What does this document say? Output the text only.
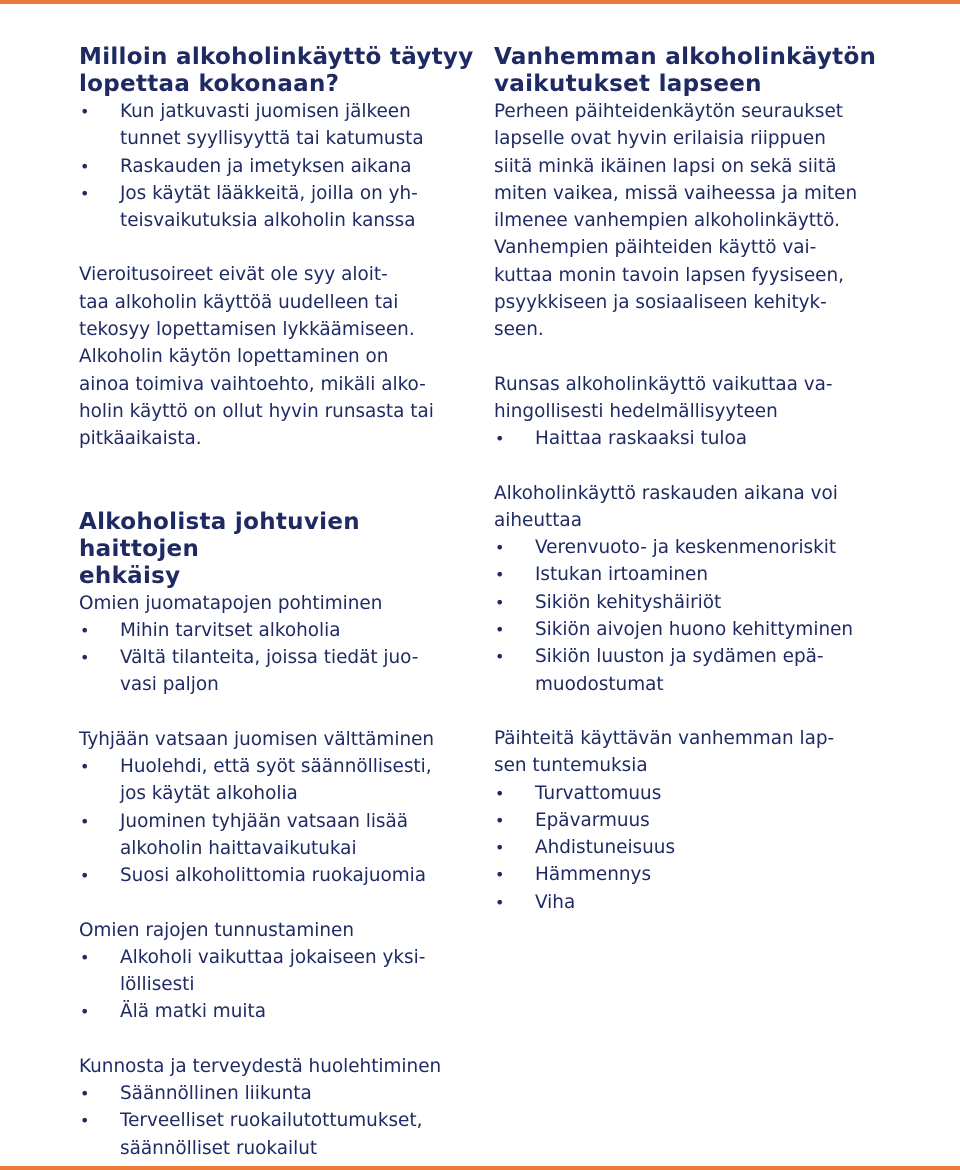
Milloin alkoholinkäyttö täytyy
lopettaa kokonaan?
• Kun jatkuvasti juomisen jälkeen
tunnet syyllisyyttä tai katumusta
• Raskauden ja imetyksen aikana
• Jos käytät lääkkeitä, joilla on yh-
teisvaikutuksia alkoholin kanssa

Vieroitusoireet eivät ole syy aloit-

taa alkoholin käyttöä uudelleen tai

tekosyy lopettamisen lykkäämiseen.

Alkoholin käytön lopettaminen on

ainoa toimiva vaihtoehto, mikäli alko-

holin käyttö on ollut hyvin runsasta tai

pitkäaikaista.

Alkoholista johtuvien haittojen
ehkäisy

Omien juomatapojen pohtiminen

• Mihin tarvitset alkoholia
• Vältä tilanteita, joissa tiedät juo-
vasi paljon

Tyhjään vatsaan juomisen välttäminen

• Huolehdi, että syöt säännöllisesti,
jos käytät alkoholia
• Juominen tyhjään vatsaan lisää
alkoholin haittavaikutukai
• Suosi alkoholittomia ruokajuomia

Omien rajojen tunnustaminen

• Alkoholi vaikuttaa jokaiseen yksi-
löllisesti
• Älä matki muita

Kunnosta ja terveydestä huolehtiminen

• Säännöllinen liikunta
• Terveelliset ruokailutottumukset,
säännölliset ruokailut
Vanhemman alkoholinkäytön
vaikutukset lapseen

Perheen päihteidenkäytön seuraukset

lapselle ovat hyvin erilaisia riippuen

siitä minkä ikäinen lapsi on sekä siitä

miten vaikea, missä vaiheessa ja miten

ilmenee vanhempien alkoholinkäyttö.

Vanhempien päihteiden käyttö vai-

kuttaa monin tavoin lapsen fyysiseen,

psyykkiseen ja sosiaaliseen kehityk-

seen.

Runsas alkoholinkäyttö vaikuttaa va-

hingollisesti hedelmällisyyteen

• Haittaa raskaaksi tuloa

Alkoholinkäyttö raskauden aikana voi

aiheuttaa

• Verenvuoto- ja keskenmenoriskit
• Istukan irtoaminen
• Sikiön kehityshäiriöt
• Sikiön aivojen huono kehittyminen
• Sikiön luuston ja sydämen epä-
muodostumat

Päihteitä käyttävän vanhemman lap-

sen tuntemuksia

• Turvattomuus
• Epävarmuus
• Ahdistuneisuus
• Hämmennys
• Viha
